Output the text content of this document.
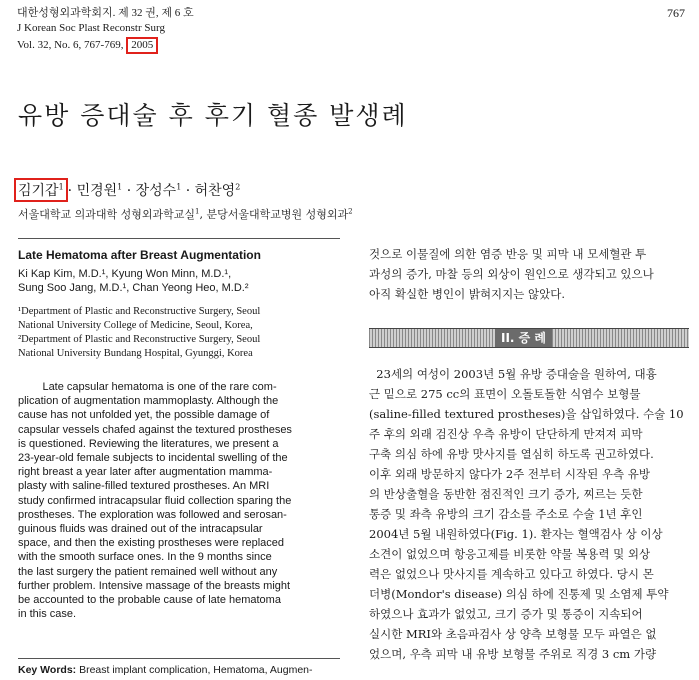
대한성형외과학회지. 제 32 권, 제 6 호
J Korean Soc Plast Reconstr Surg
Vol. 32, No. 6, 767-769, 2005
767
유방 증대술 후 후기 혈종 발생례
김기갑$^1$ · 민경원$^1$ · 장성수$^1$ · 허찬영$^2$
서울대학교 의과대학 성형외과학교실$^1$, 분당서울대학교병원 성형외과$^2$
Late Hematoma after Breast Augmentation
Ki Kap Kim, M.D.¹, Kyung Won Minn, M.D.¹,
Sung Soo Jang, M.D.¹, Chan Yeong Heo, M.D.²
¹Department of Plastic and Reconstructive Surgery, Seoul
National University College of Medicine, Seoul, Korea,
²Department of Plastic and Reconstructive Surgery, Seoul
National University Bundang Hospital, Gyunggi, Korea
Late capsular hematoma is one of the rare com-
plication of augmentation mammoplasty. Although the
cause has not unfolded yet, the possible damage of
capsular vessels chafed against the textured prostheses
is questioned. Reviewing the literatures, we present a
23-year-old female subjects to incidental swelling of the
right breast a year later after augmentation mamma-
plasty with saline-filled textured prostheses. An MRI
study confirmed intracapsular fluid collection sparing the
prostheses. The exploration was followed and serosan-
guinous fluids was drained out of the intracapsular
space, and then the existing prostheses were replaced
with the smooth surface ones. In the 9 months since
the last surgery the patient remained well without any
further problem. Intensive massage of the breasts might
be accounted to the probable cause of late hematoma
in this case.
Key Words: Breast implant complication, Hematoma, Augmen-
것으로 이물질에 의한 염증 반응 및 피막 내 모세혈관 투
과성의 증가, 마찰 등의 외상이 원인으로 생각되고 있으나
아직 확실한 병인이 밝혀지지는 않았다.
II. 증 례
23세의 여성이 2003년 5월 유방 증대술을 원하여, 대흉
근 밑으로 275 cc의 표면이 오돌토돌한 식염수 보형물
(saline-filled textured prostheses)을 삽입하였다. 수술 10
주 후의 외래 검진상 우측 유방이 단단하게 만져져 피막
구축 의심 하에 유방 맛사지를 열심히 하도록 권고하였다.
이후 외래 방문하지 않다가 2주 전부터 시작된 우측 유방
의 반상출혈을 동반한 점진적인 크기 증가, 찌르는 듯한
통증 및 좌측 유방의 크기 감소를 주소로 수술 1년 후인
2004년 5월 내원하였다(Fig. 1). 환자는 혈액검사 상 이상
소견이 없었으며 항응고제를 비롯한 약물 복용력 및 외상
력은 없었으나 맛사지를 계속하고 있다고 하였다. 당시 몬
더병(Mondor's disease) 의심 하에 진통제 및 소염제 투약
하였으나 효과가 없었고, 크기 증가 및 통증이 지속되어
실시한 MRI와 초음파검사 상 양측 보형물 모두 파열은 없
었으며, 우측 피막 내 유방 보형물 주위로 직경 3 cm 가량
